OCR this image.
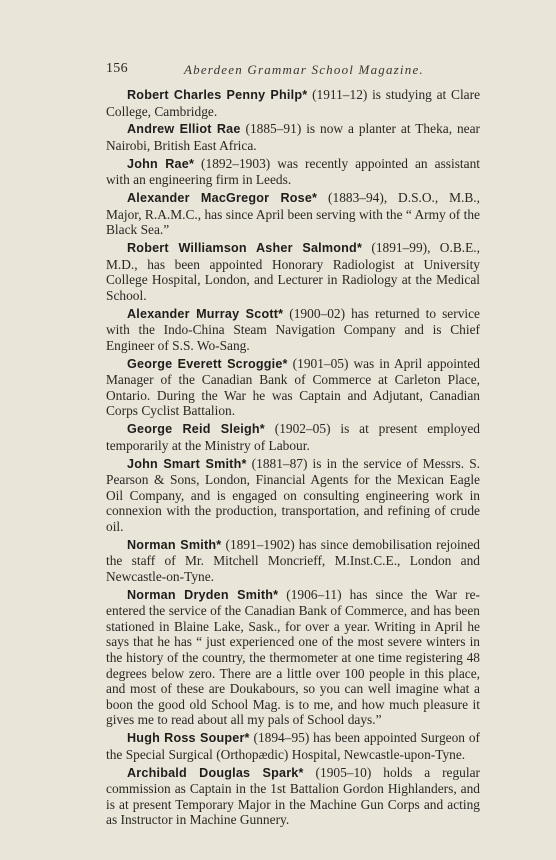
156	Aberdeen Grammar School Magazine.

Robert Charles Penny Philp* (1911–12) is studying at Clare College, Cambridge.

Andrew Elliot Rae (1885–91) is now a planter at Theka, near Nairobi, British East Africa.

John Rae* (1892–1903) was recently appointed an assistant with an engineering firm in Leeds.

Alexander MacGregor Rose* (1883–94), D.S.O., M.B., Major, R.A.M.C., has since April been serving with the “ Army of the Black Sea.”

Robert Williamson Asher Salmond* (1891–99), O.B.E., M.D., has been appointed Honorary Radiologist at University College Hospital, London, and Lecturer in Radiology at the Medical School.

Alexander Murray Scott* (1900–02) has returned to service with the Indo-China Steam Navigation Company and is Chief Engineer of S.S. Wo-Sang.

George Everett Scroggie* (1901–05) was in April appointed Manager of the Canadian Bank of Commerce at Carleton Place, Ontario. During the War he was Captain and Adjutant, Canadian Corps Cyclist Battalion.

George Reid Sleigh* (1902–05) is at present employed temporarily at the Ministry of Labour.

John Smart Smith* (1881–87) is in the service of Messrs. S. Pearson & Sons, London, Financial Agents for the Mexican Eagle Oil Company, and is engaged on consulting engineering work in connexion with the production, transportation, and refining of crude oil.

Norman Smith* (1891–1902) has since demobilisation rejoined the staff of Mr. Mitchell Moncrieff, M.Inst.C.E., London and Newcastle-on-Tyne.

Norman Dryden Smith* (1906–11) has since the War re-entered the service of the Canadian Bank of Commerce, and has been stationed in Blaine Lake, Sask., for over a year. Writing in April he says that he has “ just experienced one of the most severe winters in the history of the country, the thermometer at one time registering 48 degrees below zero. There are a little over 100 people in this place, and most of these are Doukabours, so you can well imagine what a boon the good old School Mag. is to me, and how much pleasure it gives me to read about all my pals of School days.”

Hugh Ross Souper* (1894–95) has been appointed Surgeon of the Special Surgical (Orthopædic) Hospital, Newcastle-upon-Tyne.

Archibald Douglas Spark* (1905–10) holds a regular commission as Captain in the 1st Battalion Gordon Highlanders, and is at present Temporary Major in the Machine Gun Corps and acting as Instructor in Machine Gunnery.
